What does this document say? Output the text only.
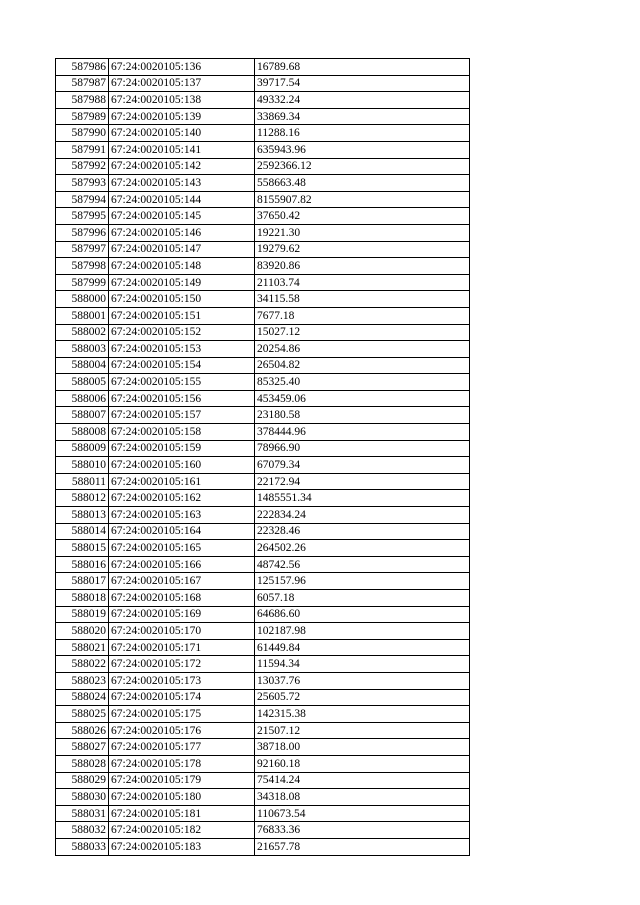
587986	67:24:0020105:136	16789.68
587987	67:24:0020105:137	39717.54
587988	67:24:0020105:138	49332.24
587989	67:24:0020105:139	33869.34
587990	67:24:0020105:140	11288.16
587991	67:24:0020105:141	635943.96
587992	67:24:0020105:142	2592366.12
587993	67:24:0020105:143	558663.48
587994	67:24:0020105:144	8155907.82
587995	67:24:0020105:145	37650.42
587996	67:24:0020105:146	19221.30
587997	67:24:0020105:147	19279.62
587998	67:24:0020105:148	83920.86
587999	67:24:0020105:149	21103.74
588000	67:24:0020105:150	34115.58
588001	67:24:0020105:151	7677.18
588002	67:24:0020105:152	15027.12
588003	67:24:0020105:153	20254.86
588004	67:24:0020105:154	26504.82
588005	67:24:0020105:155	85325.40
588006	67:24:0020105:156	453459.06
588007	67:24:0020105:157	23180.58
588008	67:24:0020105:158	378444.96
588009	67:24:0020105:159	78966.90
588010	67:24:0020105:160	67079.34
588011	67:24:0020105:161	22172.94
588012	67:24:0020105:162	1485551.34
588013	67:24:0020105:163	222834.24
588014	67:24:0020105:164	22328.46
588015	67:24:0020105:165	264502.26
588016	67:24:0020105:166	48742.56
588017	67:24:0020105:167	125157.96
588018	67:24:0020105:168	6057.18
588019	67:24:0020105:169	64686.60
588020	67:24:0020105:170	102187.98
588021	67:24:0020105:171	61449.84
588022	67:24:0020105:172	11594.34
588023	67:24:0020105:173	13037.76
588024	67:24:0020105:174	25605.72
588025	67:24:0020105:175	142315.38
588026	67:24:0020105:176	21507.12
588027	67:24:0020105:177	38718.00
588028	67:24:0020105:178	92160.18
588029	67:24:0020105:179	75414.24
588030	67:24:0020105:180	34318.08
588031	67:24:0020105:181	110673.54
588032	67:24:0020105:182	76833.36
588033	67:24:0020105:183	21657.78
